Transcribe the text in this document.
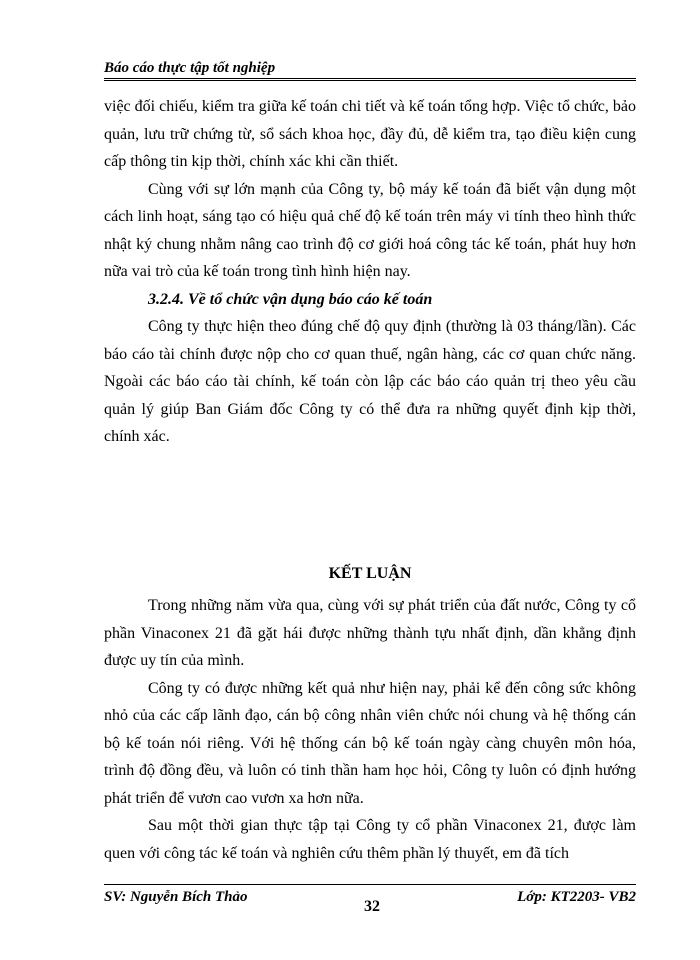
Báo cáo thực tập tốt nghiệp

việc đối chiếu, kiểm tra giữa kế toán chi tiết và kế toán tổng hợp. Việc tổ chức, bảo quản, lưu trữ chứng từ, sổ sách khoa học, đầy đủ, dễ kiểm tra, tạo điều kiện cung cấp thông tin kịp thời, chính xác khi cần thiết.

Cùng với sự lớn mạnh của Công ty, bộ máy kế toán đã biết vận dụng một cách linh hoạt, sáng tạo có hiệu quả chế độ kế toán trên máy vi tính theo hình thức nhật ký chung nhằm nâng cao trình độ cơ giới hoá công tác kế toán, phát huy hơn nữa vai trò của kế toán trong tình hình hiện nay.

3.2.4. Về tổ chức vận dụng báo cáo kế toán

Công ty thực hiện theo đúng chế độ quy định (thường là 03 tháng/lần). Các báo cáo tài chính được nộp cho cơ quan thuế, ngân hàng, các cơ quan chức năng. Ngoài các báo cáo tài chính, kế toán còn lập các báo cáo quản trị theo yêu cầu quản lý giúp Ban Giám đốc Công ty có thể đưa ra những quyết định kịp thời, chính xác.

KẾT LUẬN

Trong những năm vừa qua, cùng với sự phát triển của đất nước, Công ty cổ phần Vinaconex 21 đã gặt hái được những thành tựu nhất định, dần khẳng định được uy tín của mình.

Công ty có được những kết quả như hiện nay, phải kể đến công sức không nhỏ của các cấp lãnh đạo, cán bộ công nhân viên chức nói chung và hệ thống cán bộ kế toán nói riêng. Với hệ thống cán bộ kế toán ngày càng chuyên môn hóa, trình độ đồng đều, và luôn có tinh thần ham học hỏi, Công ty luôn có định hướng phát triển để vươn cao vươn xa hơn nữa.

Sau một thời gian thực tập tại Công ty cổ phần Vinaconex 21, được làm quen với công tác kế toán và nghiên cứu thêm phần lý thuyết, em đã tích

SV: Nguyễn Bích Thảo
32
Lớp: KT2203- VB2
